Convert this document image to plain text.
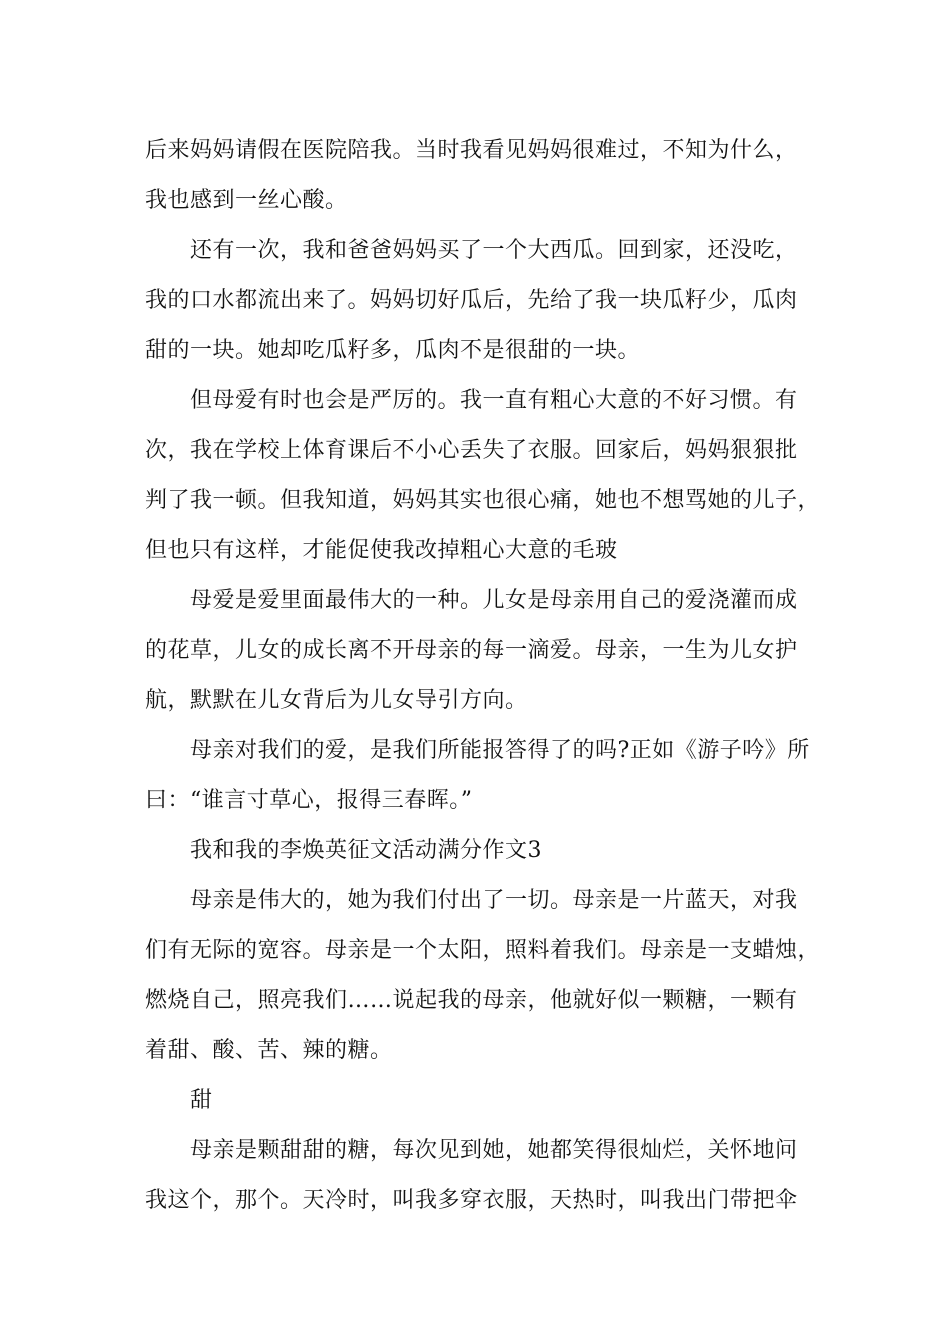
后来妈妈请假在医院陪我。当时我看见妈妈很难过，不知为什么，
我也感到一丝心酸。
还有一次，我和爸爸妈妈买了一个大西瓜。回到家，还没吃，
我的口水都流出来了。妈妈切好瓜后，先给了我一块瓜籽少，瓜肉
甜的一块。她却吃瓜籽多，瓜肉不是很甜的一块。
但母爱有时也会是严厉的。我一直有粗心大意的不好习惯。有
次，我在学校上体育课后不小心丢失了衣服。回家后，妈妈狠狠批
判了我一顿。但我知道，妈妈其实也很心痛，她也不想骂她的儿子，
但也只有这样，才能促使我改掉粗心大意的毛玻
母爱是爱里面最伟大的一种。儿女是母亲用自己的爱浇灌而成
的花草，儿女的成长离不开母亲的每一滴爱。母亲，一生为儿女护
航，默默在儿女背后为儿女导引方向。
母亲对我们的爱，是我们所能报答得了的吗?正如《游子吟》所
曰：“谁言寸草心，报得三春晖。”
我和我的李焕英征文活动满分作文3
母亲是伟大的，她为我们付出了一切。母亲是一片蓝天，对我
们有无际的宽容。母亲是一个太阳，照料着我们。母亲是一支蜡烛，
燃烧自己，照亮我们……说起我的母亲，他就好似一颗糖，一颗有
着甜、酸、苦、辣的糖。
甜
母亲是颗甜甜的糖，每次见到她，她都笑得很灿烂，关怀地问
我这个，那个。天冷时，叫我多穿衣服，天热时，叫我出门带把伞
